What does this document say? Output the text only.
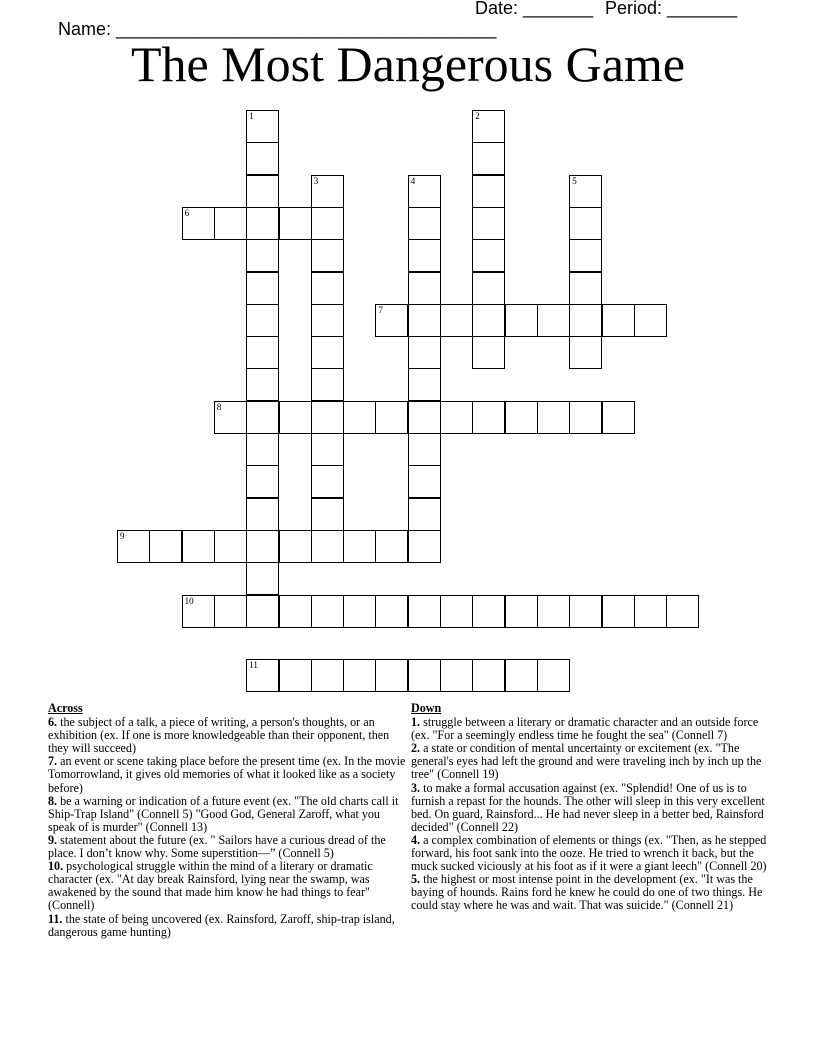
Name: ______________________________________

Date: _______

Period: _______

The Most Dangerous Game
1	2
3	4	5
6
7
8
9
10
11
Across
6. the subject of a talk, a piece of writing, a person's thoughts, or an exhibition (ex. If one is more knowledgeable than their opponent, then they will succeed)
7. an event or scene taking place before the present time (ex. In the movie Tomorrowland, it gives old memories of what it looked like as a society before)
8. be a warning or indication of a future event (ex. "The old charts call it Ship-Trap Island" (Connell 5) "Good God, General Zaroff, what you speak of is murder" (Connell 13)
9. statement about the future (ex. " Sailors have a curious dread of the place. I don’t know why. Some superstition—” (Connell 5)
10. psychological struggle within the mind of a literary or dramatic character (ex. "At day break Rainsford, lying near the swamp, was awakened by the sound that made him know he had things to fear" (Connell)
11. the state of being uncovered (ex. Rainsford, Zaroff, ship-trap island, dangerous game hunting)
Down
1. struggle between a literary or dramatic character and an outside force (ex. "For a seemingly endless time he fought the sea" (Connell 7)
2. a state or condition of mental uncertainty or excitement (ex. "The general's eyes had left the ground and were traveling inch by inch up the tree" (Connell 19)
3. to make a formal accusation against (ex. "Splendid! One of us is to furnish a repast for the hounds. The other will sleep in this very excellent bed. On guard, Rainsford... He had never sleep in a better bed, Rainsford decided" (Connell 22)
4. a complex combination of elements or things (ex. "Then, as he stepped forward, his foot sank into the ooze. He tried to wrench it back, but the muck sucked viciously at his foot as if it were a giant leech" (Connell 20)
5. the highest or most intense point in the development (ex. "It was the baying of hounds. Rains ford he knew he could do one of two things. He could stay where he was and wait. That was suicide." (Connell 21)
